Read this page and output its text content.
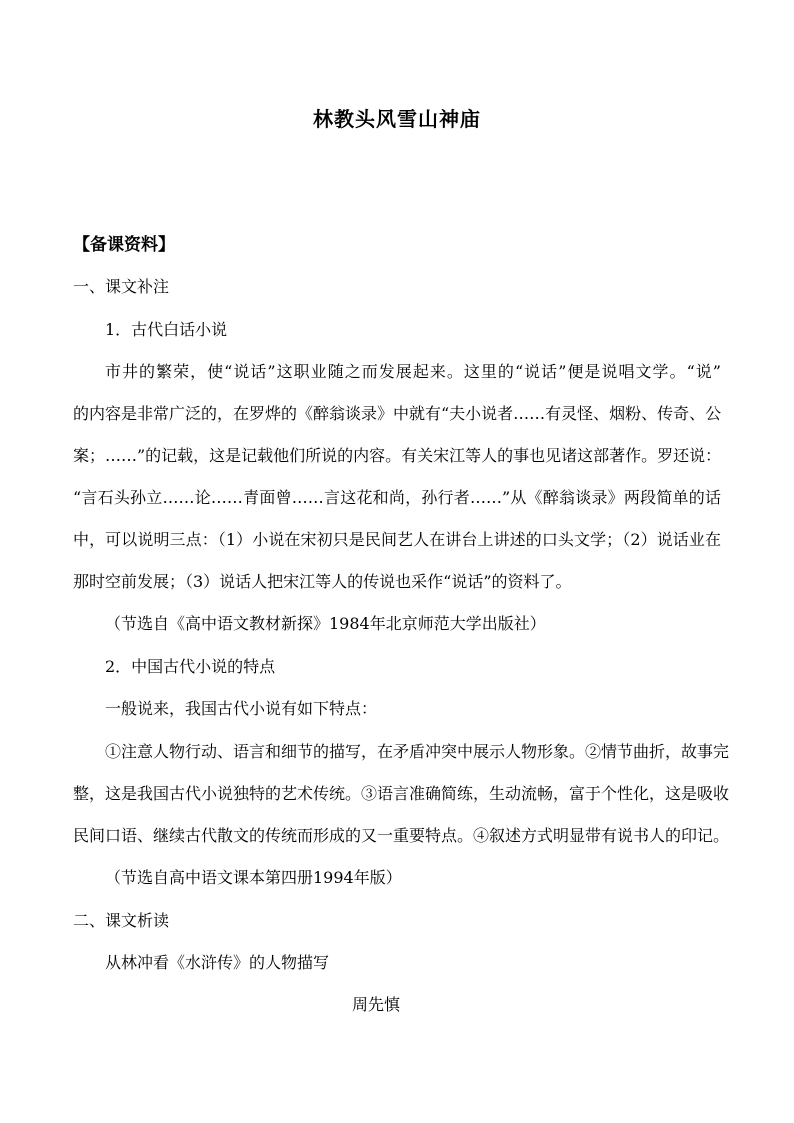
林教头风雪山神庙
【备课资料】
一、课文补注
1．古代白话小说
市井的繁荣，使“说话”这职业随之而发展起来。这里的“说话”便是说唱文学。“说”
的内容是非常广泛的，在罗烨的《醉翁谈录》中就有“夫小说者……有灵怪、烟粉、传奇、公
案；……”的记载，这是记载他们所说的内容。有关宋江等人的事也见诸这部著作。罗还说：
“言石头孙立……论……青面曾……言这花和尚，孙行者……”从《醉翁谈录》两段简单的话
中，可以说明三点：（1）小说在宋初只是民间艺人在讲台上讲述的口头文学；（2）说话业在
那时空前发展；（3）说话人把宋江等人的传说也采作“说话”的资料了。
（节选自《高中语文教材新探》1984年北京师范大学出版社）
2．中国古代小说的特点
一般说来，我国古代小说有如下特点：
①注意人物行动、语言和细节的描写，在矛盾冲突中展示人物形象。②情节曲折，故事完
整，这是我国古代小说独特的艺术传统。③语言准确简练，生动流畅，富于个性化，这是吸收
民间口语、继续古代散文的传统而形成的又一重要特点。④叙述方式明显带有说书人的印记。
（节选自高中语文课本第四册1994年版）
二、课文析读
从林冲看《水浒传》的人物描写
周先慎
